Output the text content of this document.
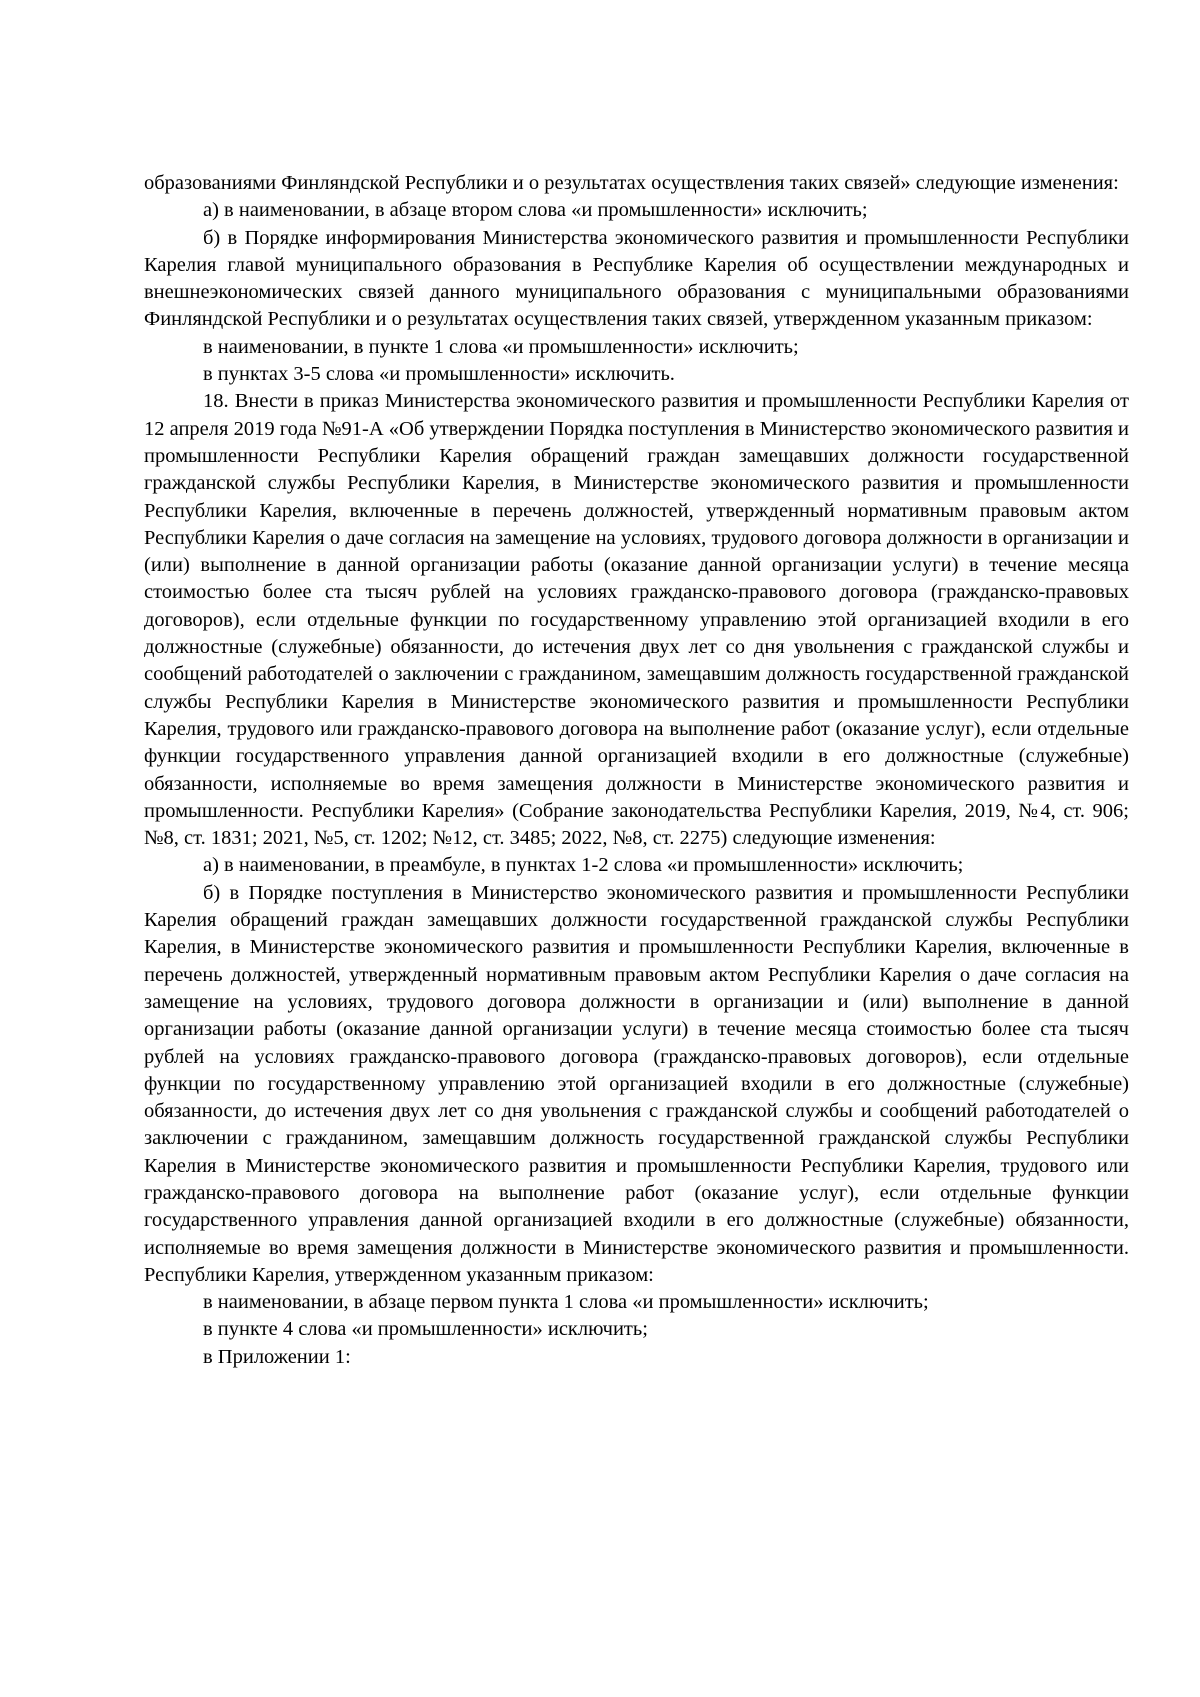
образованиями Финляндской Республики и о результатах осуществления таких связей» следующие изменения:

а) в наименовании, в абзаце втором слова «и промышленности» исключить;

б) в Порядке информирования Министерства экономического развития и промышленности Республики Карелия главой муниципального образования в Республике Карелия об осуществлении международных и внешнеэкономических связей данного муниципального образования с муниципальными образованиями Финляндской Республики и о результатах осуществления таких связей, утвержденном указанным приказом:

в наименовании, в пункте 1 слова «и промышленности» исключить;

в пунктах 3-5 слова «и промышленности» исключить.

18. Внести в приказ Министерства экономического развития и промышленности Республики Карелия от 12 апреля 2019 года №91-А «Об утверждении Порядка поступления в Министерство экономического развития и промышленности Республики Карелия обращений граждан замещавших должности государственной гражданской службы Республики Карелия, в Министерстве экономического развития и промышленности Республики Карелия, включенные в перечень должностей, утвержденный нормативным правовым актом Республики Карелия о даче согласия на замещение на условиях, трудового договора должности в организации и (или) выполнение в данной организации работы (оказание данной организации услуги) в течение месяца стоимостью более ста тысяч рублей на условиях гражданско-правового договора (гражданско-правовых договоров), если отдельные функции по государственному управлению этой организацией входили в его должностные (служебные) обязанности, до истечения двух лет со дня увольнения с гражданской службы и сообщений работодателей о заключении с гражданином, замещавшим должность государственной гражданской службы Республики Карелия в Министерстве экономического развития и промышленности Республики Карелия, трудового или гражданско-правового договора на выполнение работ (оказание услуг), если отдельные функции государственного управления данной организацией входили в его должностные (служебные) обязанности, исполняемые во время замещения должности в Министерстве экономического развития и промышленности. Республики Карелия» (Собрание законодательства Республики Карелия, 2019, №4, ст. 906; №8, ст. 1831; 2021, №5, ст. 1202; №12, ст. 3485; 2022, №8, ст. 2275) следующие изменения:

а) в наименовании, в преамбуле, в пунктах 1-2 слова «и промышленности» исключить;

б) в Порядке поступления в Министерство экономического развития и промышленности Республики Карелия обращений граждан замещавших должности государственной гражданской службы Республики Карелия, в Министерстве экономического развития и промышленности Республики Карелия, включенные в перечень должностей, утвержденный нормативным правовым актом Республики Карелия о даче согласия на замещение на условиях, трудового договора должности в организации и (или) выполнение в данной организации работы (оказание данной организации услуги) в течение месяца стоимостью более ста тысяч рублей на условиях гражданско-правового договора (гражданско-правовых договоров), если отдельные функции по государственному управлению этой организацией входили в его должностные (служебные) обязанности, до истечения двух лет со дня увольнения с гражданской службы и сообщений работодателей о заключении с гражданином, замещавшим должность государственной гражданской службы Республики Карелия в Министерстве экономического развития и промышленности Республики Карелия, трудового или гражданско-правового договора на выполнение работ (оказание услуг), если отдельные функции государственного управления данной организацией входили в его должностные (служебные) обязанности, исполняемые во время замещения должности в Министерстве экономического развития и промышленности. Республики Карелия, утвержденном указанным приказом:

в наименовании, в абзаце первом пункта 1 слова «и промышленности» исключить;

в пункте 4 слова «и промышленности» исключить;

в Приложении 1:
